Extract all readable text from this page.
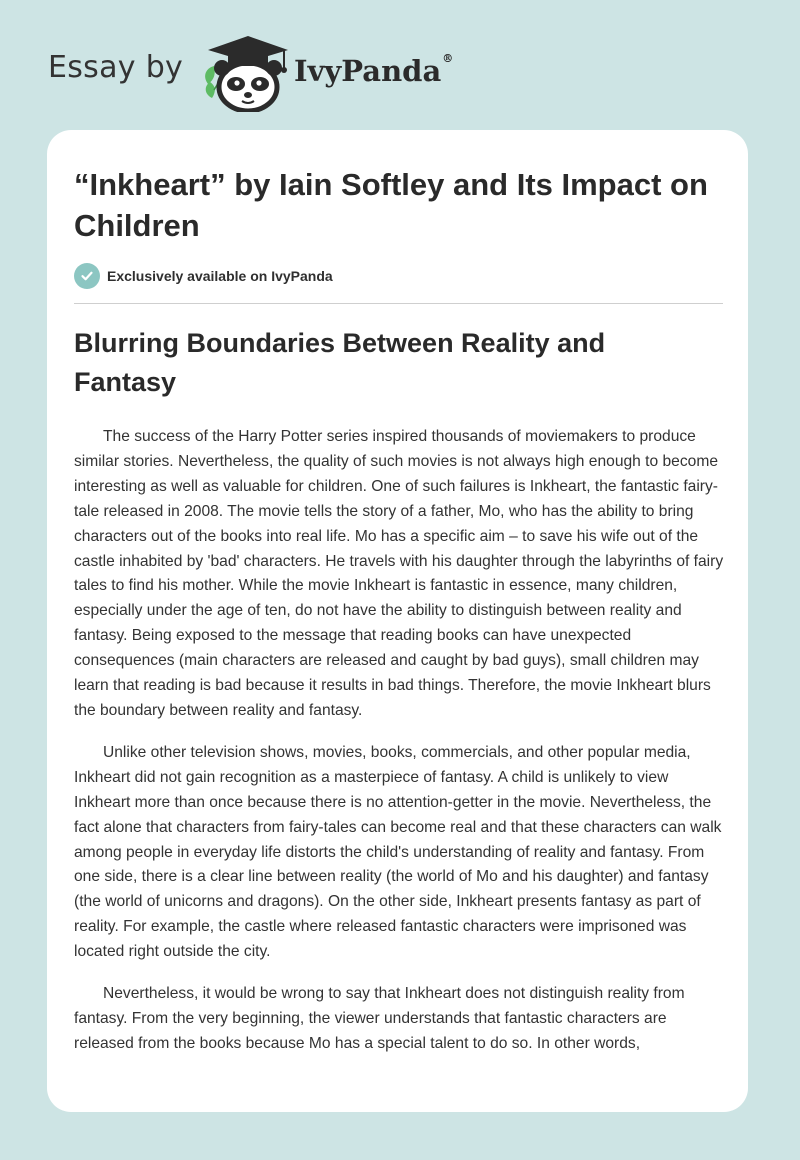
Essay by	IvyPanda®
“Inkheart” by Iain Softley and Its Impact on Children
Exclusively available on IvyPanda
Blurring Boundaries Between Reality and Fantasy

The success of the Harry Potter series inspired thousands of moviemakers to produce similar stories. Nevertheless, the quality of such movies is not always high enough to become interesting as well as valuable for children. One of such failures is Inkheart, the fantastic fairy-tale released in 2008. The movie tells the story of a father, Mo, who has the ability to bring characters out of the books into real life. Mo has a specific aim – to save his wife out of the castle inhabited by 'bad' characters. He travels with his daughter through the labyrinths of fairy tales to find his mother. While the movie Inkheart is fantastic in essence, many children, especially under the age of ten, do not have the ability to distinguish between reality and fantasy. Being exposed to the message that reading books can have unexpected consequences (main characters are released and caught by bad guys), small children may learn that reading is bad because it results in bad things. Therefore, the movie Inkheart blurs the boundary between reality and fantasy.

Unlike other television shows, movies, books, commercials, and other popular media, Inkheart did not gain recognition as a masterpiece of fantasy. A child is unlikely to view Inkheart more than once because there is no attention-getter in the movie. Nevertheless, the fact alone that characters from fairy-tales can become real and that these characters can walk among people in everyday life distorts the child's understanding of reality and fantasy. From one side, there is a clear line between reality (the world of Mo and his daughter) and fantasy (the world of unicorns and dragons). On the other side, Inkheart presents fantasy as part of reality. For example, the castle where released fantastic characters were imprisoned was located right outside the city.

Nevertheless, it would be wrong to say that Inkheart does not distinguish reality from fantasy. From the very beginning, the viewer understands that fantastic characters are released from the books because Mo has a special talent to do so. In other words,
